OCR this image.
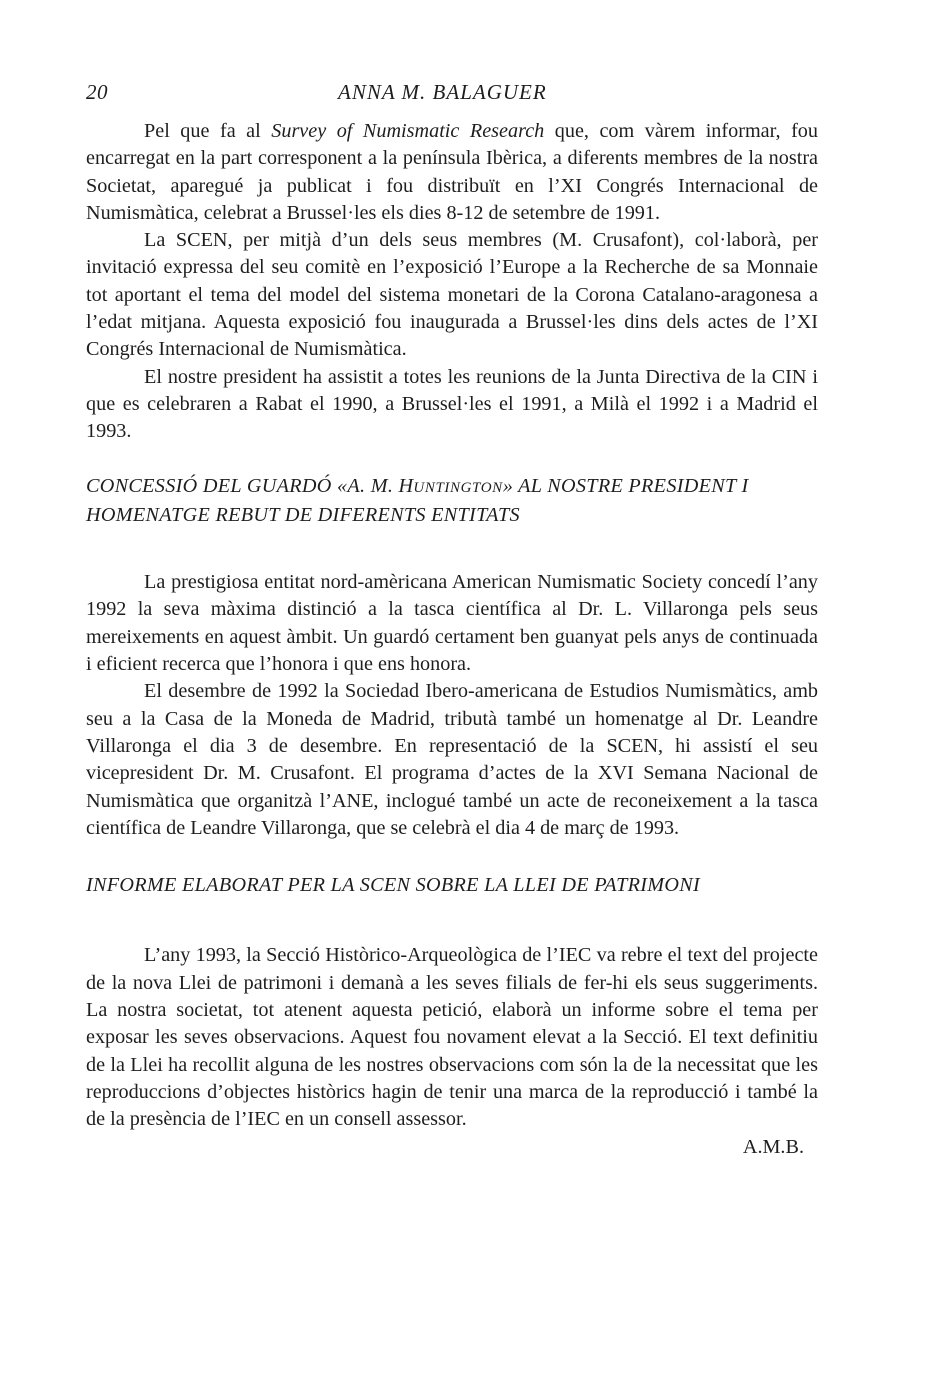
20	ANNA M. BALAGUER

Pel que fa al Survey of Numismatic Research que, com vàrem informar, fou encarregat en la part corresponent a la península Ibèrica, a diferents membres de la nostra Societat, aparegué ja publicat i fou distribuït en l’XI Congrés Internacional de Numismàtica, celebrat a Brussel·les els dies 8-12 de setembre de 1991.

La SCEN, per mitjà d’un dels seus membres (M. Crusafont), col·laborà, per invitació expressa del seu comitè en l’exposició l’Europe a la Recherche de sa Monnaie tot aportant el tema del model del sistema monetari de la Corona Catalano-aragonesa a l’edat mitjana. Aquesta exposició fou inaugurada a Brussel·les dins dels actes de l’XI Congrés Internacional de Numismàtica.

El nostre president ha assistit a totes les reunions de la Junta Directiva de la CIN i que es celebraren a Rabat el 1990, a Brussel·les el 1991, a Milà el 1992 i a Madrid el 1993.

CONCESSIÓ DEL GUARDÓ «A. M. HUNTINGTON» AL NOSTRE PRESIDENT I HOMENATGE REBUT DE DIFERENTS ENTITATS

La prestigiosa entitat nord-amèricana American Numismatic Society concedí l’any 1992 la seva màxima distinció a la tasca científica al Dr. L. Villaronga pels seus mereixements en aquest àmbit. Un guardó certament ben guanyat pels anys de continuada i eficient recerca que l’honora i que ens honora.

El desembre de 1992 la Sociedad Ibero-americana de Estudios Numismàtics, amb seu a la Casa de la Moneda de Madrid, tributà també un homenatge al Dr. Leandre Villaronga el dia 3 de desembre. En representació de la SCEN, hi assistí el seu vicepresident Dr. M. Crusafont. El programa d’actes de la XVI Semana Nacional de Numismàtica que organitzà l’ANE, inclogué també un acte de reconeixement a la tasca científica de Leandre Villaronga, que se celebrà el dia 4 de març de 1993.

INFORME ELABORAT PER LA SCEN SOBRE LA LLEI DE PATRIMONI

L’any 1993, la Secció Històrico-Arqueològica de l’IEC va rebre el text del projecte de la nova Llei de patrimoni i demanà a les seves filials de fer-hi els seus suggeriments. La nostra societat, tot atenent aquesta petició, elaborà un informe sobre el tema per exposar les seves observacions. Aquest fou novament elevat a la Secció. El text definitiu de la Llei ha recollit alguna de les nostres observacions com són la de la necessitat que les reproduccions d’objectes històrics hagin de tenir una marca de la reproducció i també la de la presència de l’IEC en un consell assessor.

A.M.B.
